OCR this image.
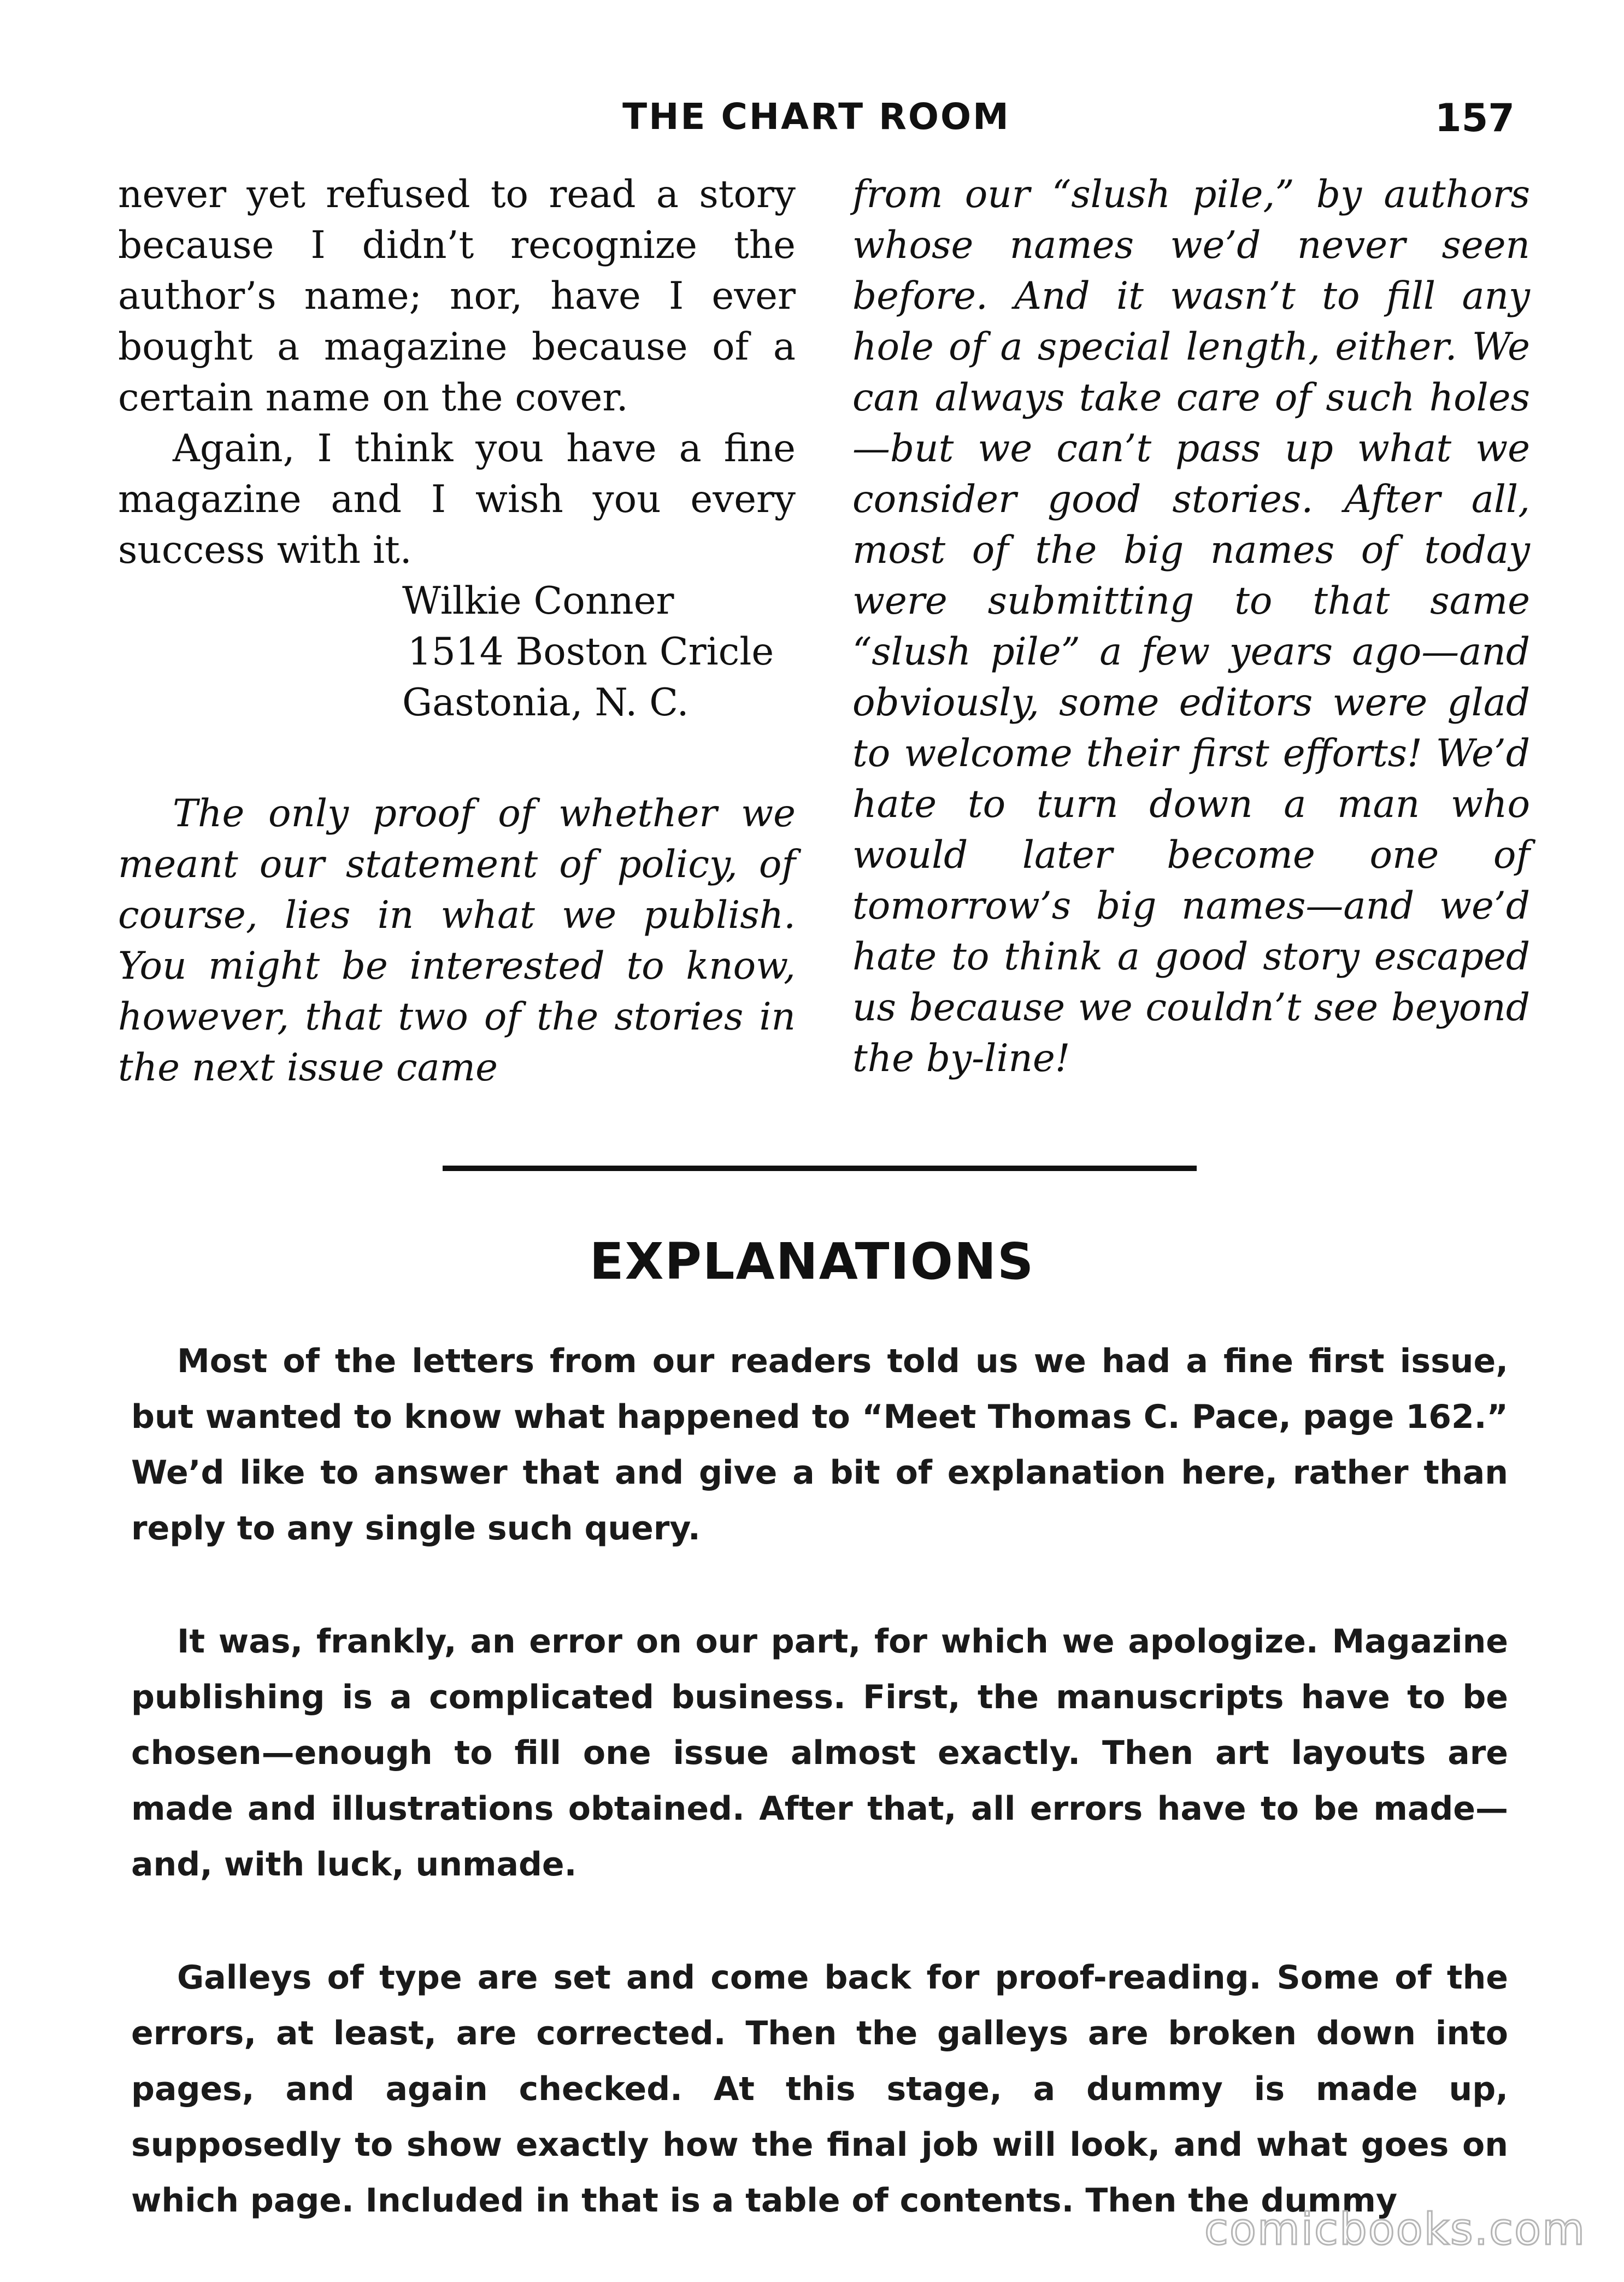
THE CHART ROOM	157

never yet refused to read a story because I didn’t recognize the author’s name; nor, have I ever bought a magazine because of a certain name on the cover.

Again, I think you have a fine magazine and I wish you every success with it.

Wilkie Conner
1514 Boston Cricle
Gastonia, N. C.

The only proof of whether we meant our statement of policy, of course, lies in what we publish. You might be interested to know, however, that two of the stories in the next issue came

from our “slush pile,” by authors whose names we’d never seen before. And it wasn’t to fill any hole of a special length, either. We can always take care of such holes—but we can’t pass up what we consider good stories. After all, most of the big names of today were submitting to that same “slush pile” a few years ago—and obviously, some editors were glad to welcome their first efforts! We’d hate to turn down a man who would later become one of tomorrow’s big names—and we’d hate to think a good story escaped us because we couldn’t see beyond the by-line!

EXPLANATIONS

Most of the letters from our readers told us we had a fine first issue, but wanted to know what happened to “Meet Thomas C. Pace, page 162.” We’d like to answer that and give a bit of explanation here, rather than reply to any single such query.

It was, frankly, an error on our part, for which we apologize. Magazine publishing is a complicated business. First, the manuscripts have to be chosen—enough to fill one issue almost exactly. Then art layouts are made and illustrations obtained. After that, all errors have to be made—and, with luck, unmade.

Galleys of type are set and come back for proof-reading. Some of the errors, at least, are corrected. Then the galleys are broken down into pages, and again checked. At this stage, a dummy is made up, supposedly to show exactly how the final job will look, and what goes on which page. Included in that is a table of contents. Then the dummy

comicbooks.com
